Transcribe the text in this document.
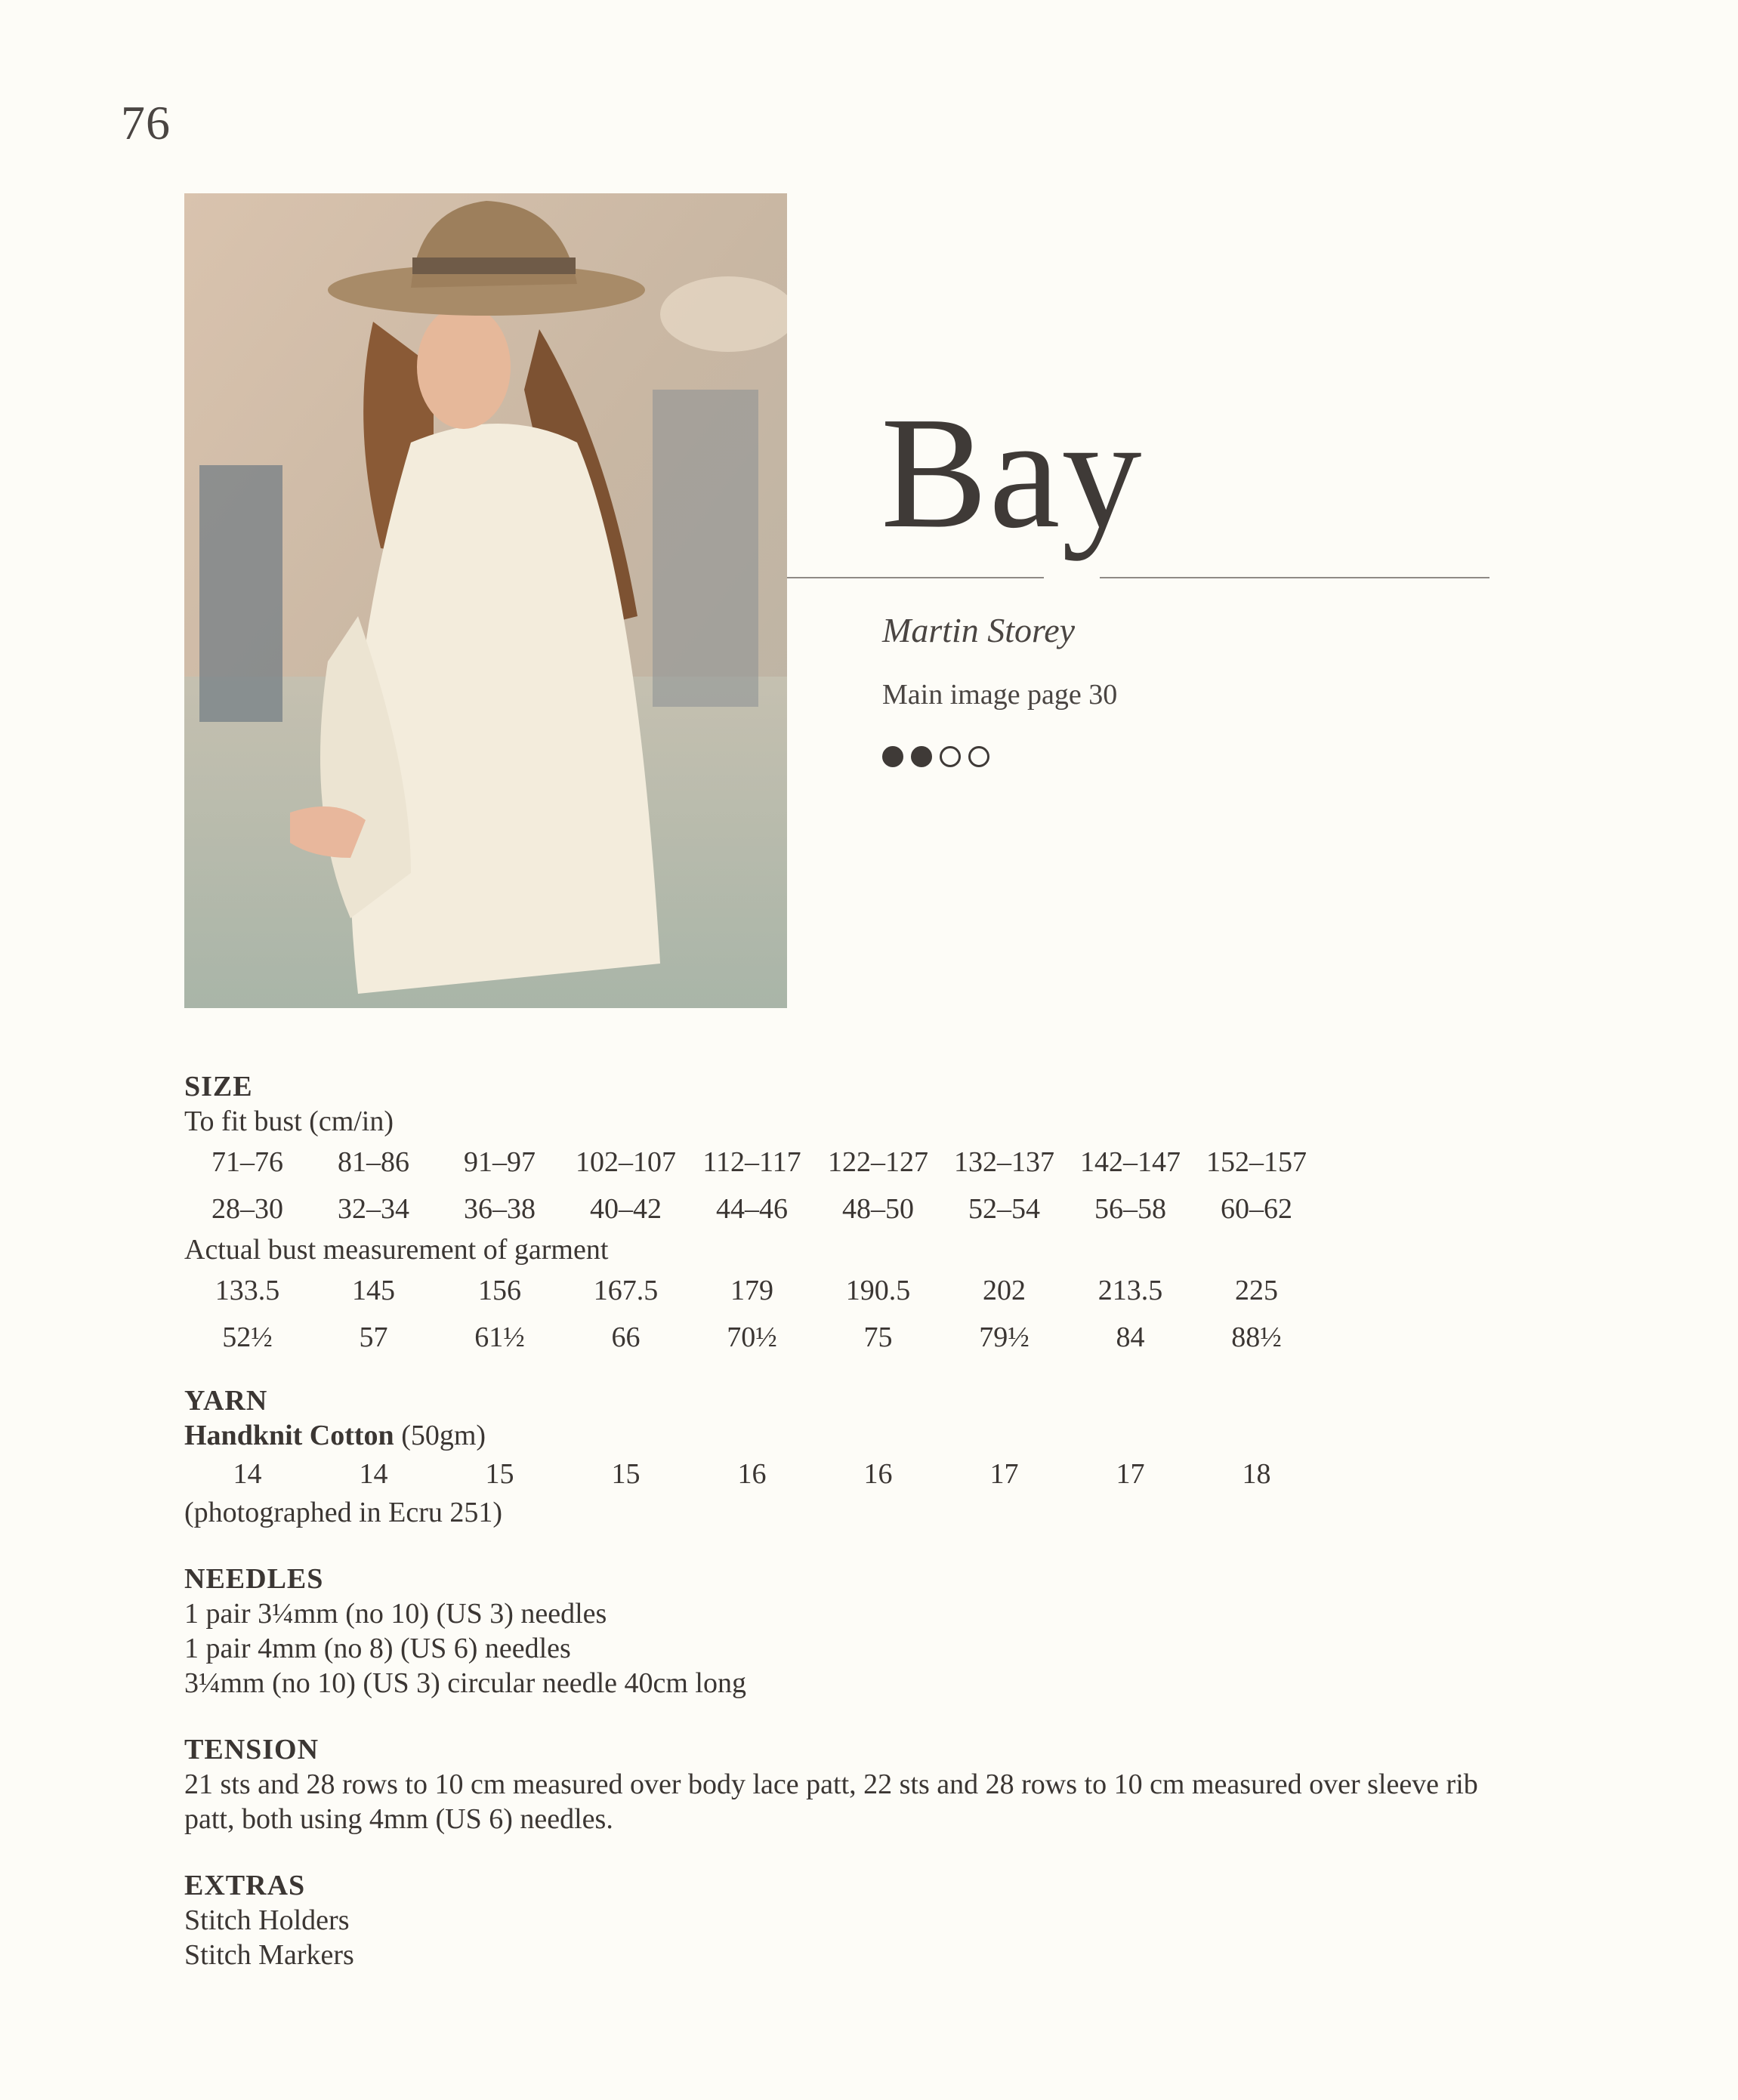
76
Bay
Martin Storey
Main image page 30
SIZE
To fit bust (cm/in)
71–76	81–86	91–97	102–107 112–117 122–127 132–137 142–147 152–157
28–30	32–34	36–38	40–42	44–46	48–50	52–54	56–58	60–62
Actual bust measurement of garment
133.5	145	156	167.5	179	190.5	202	213.5	225
52½	57	61½	66	70½	75	79½	84	88½
YARN
Handknit Cotton (50gm)
14	14	15	15	16	16	17	17	18
(photographed in Ecru 251)
NEEDLES
1 pair 3¼mm (no 10) (US 3) needles
1 pair 4mm (no 8) (US 6) needles
3¼mm (no 10) (US 3) circular needle 40cm long
TENSION
21 sts and 28 rows to 10 cm measured over body lace patt, 22 sts and 28 rows to 10 cm measured over sleeve rib
patt, both using 4mm (US 6) needles.
EXTRAS
Stitch Holders
Stitch Markers
